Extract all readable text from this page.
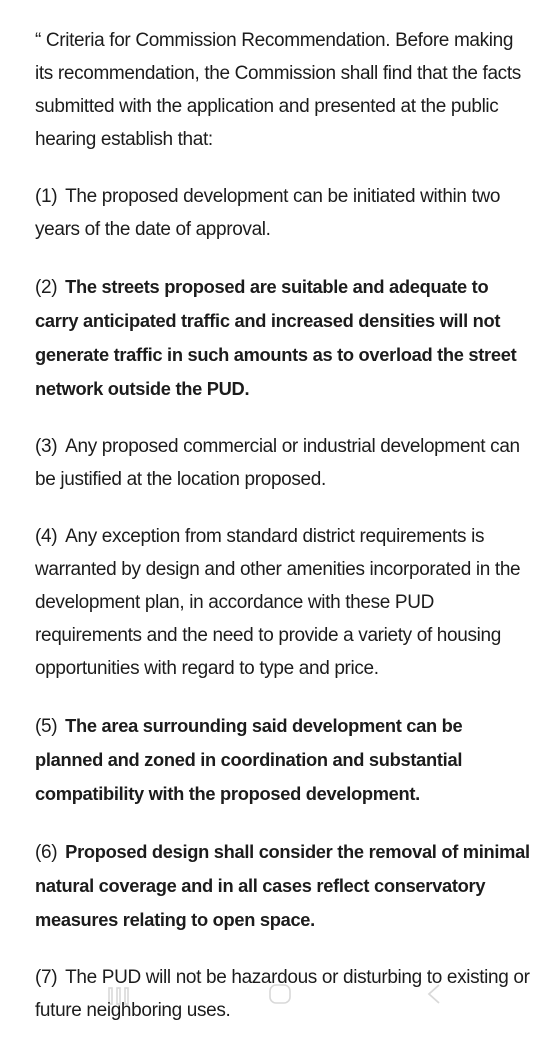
“ Criteria for Commission Recommendation. Before making its recommendation, the Commission shall find that the facts submitted with the application and presented at the public hearing establish that:

(1) The proposed development can be initiated within two years of the date of approval.

(2) The streets proposed are suitable and adequate to carry anticipated traffic and increased densities will not generate traffic in such amounts as to overload the street network outside the PUD.

(3) Any proposed commercial or industrial development can be justified at the location proposed.

(4) Any exception from standard district requirements is warranted by design and other amenities incorporated in the development plan, in accordance with these PUD requirements and the need to provide a variety of housing opportunities with regard to type and price.

(5) The area surrounding said development can be planned and zoned in coordination and substantial compatibility with the proposed development.

(6) Proposed design shall consider the removal of minimal natural coverage and in all cases reflect conservatory measures relating to open space.

(7) The PUD will not be hazardous or disturbing to existing or future neighboring uses.
